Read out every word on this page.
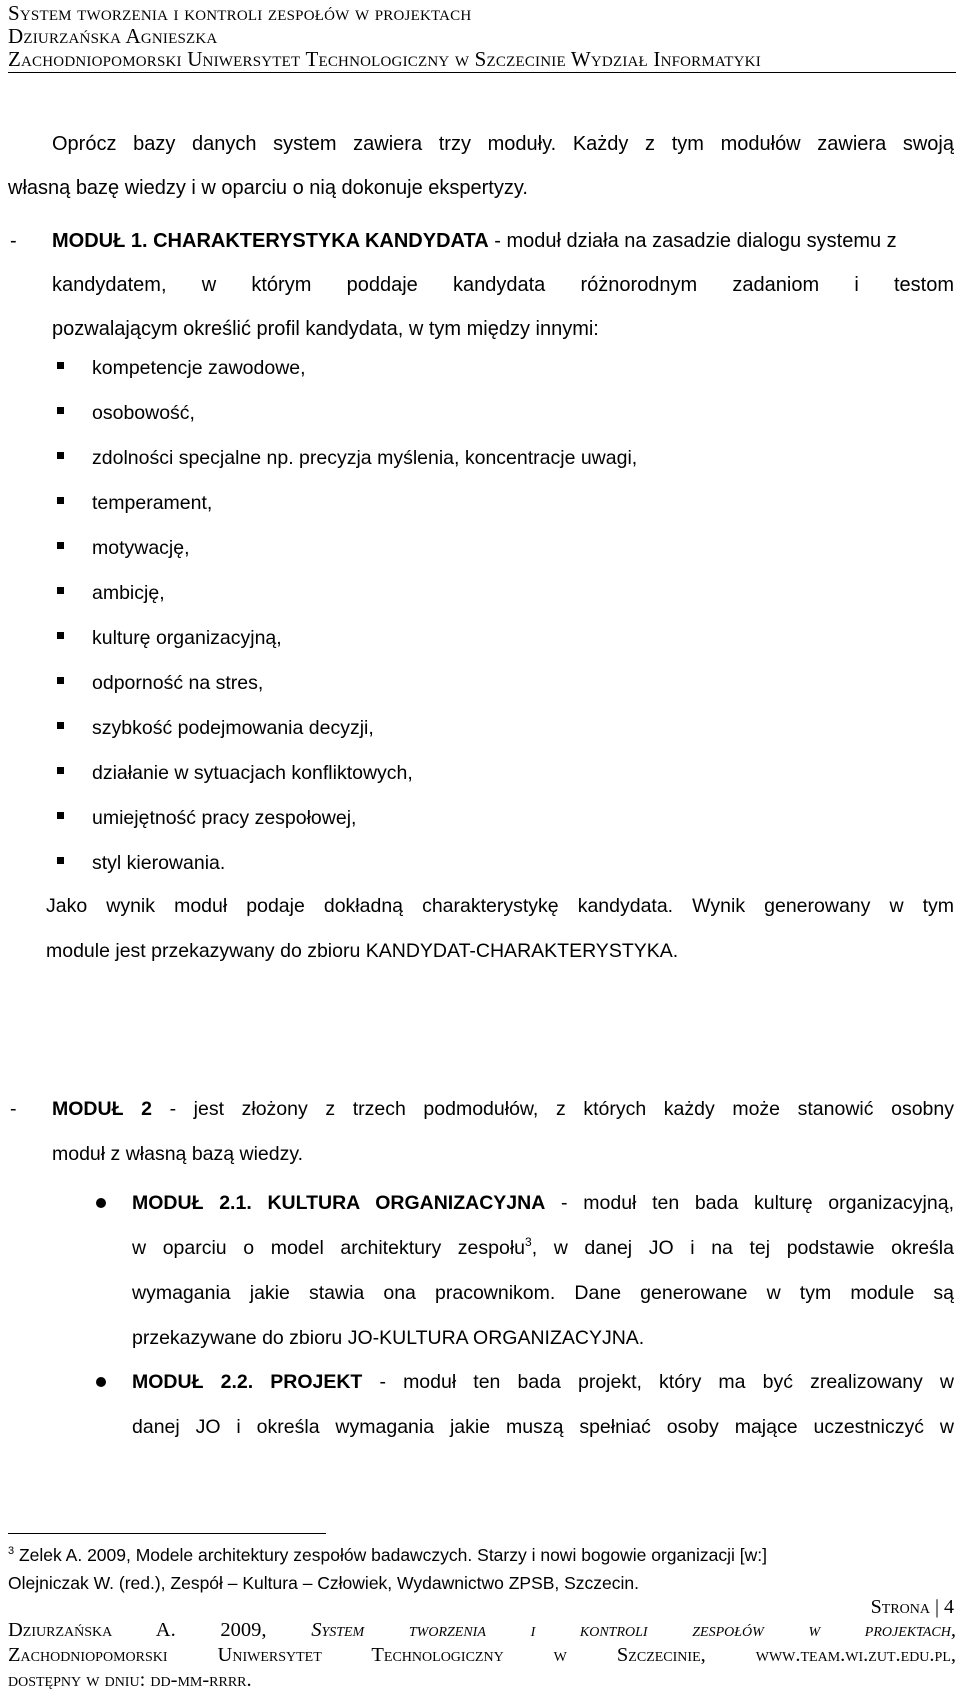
System tworzenia i kontroli zespołów w projektach
Dziurzańska Agnieszka
Zachodniopomorski Uniwersytet Technologiczny w Szczecinie Wydział Informatyki
Oprócz bazy danych system zawiera trzy moduły. Każdy z tym modułów zawiera swoją
własną bazę wiedzy i w oparciu o nią dokonuje ekspertyzy.
- MODUŁ 1. CHARAKTERYSTYKA KANDYDATA - moduł działa na zasadzie dialogu systemu z
kandydatem, w którym poddaje kandydata różnorodnym zadaniom i testom
pozwalającym określić profil kandydata, w tym między innymi:
kompetencje zawodowe,
osobowość,
zdolności specjalne np. precyzja myślenia, koncentracje uwagi,
temperament,
motywację,
ambicję,
kulturę organizacyjną,
odporność na stres,
szybkość podejmowania decyzji,
działanie w sytuacjach konfliktowych,
umiejętność pracy zespołowej,
styl kierowania.
Jako wynik moduł podaje dokładną charakterystykę kandydata. Wynik generowany w tym
module jest przekazywany do zbioru KANDYDAT-CHARAKTERYSTYKA.
- MODUŁ 2 - jest złożony z trzech podmodułów, z których każdy może stanowić osobny
moduł z własną bazą wiedzy.
MODUŁ 2.1. KULTURA ORGANIZACYJNA - moduł ten bada kulturę organizacyjną,
w oparciu o model architektury zespołu$^3$, w danej JO i na tej podstawie określa
wymagania jakie stawia ona pracownikom. Dane generowane w tym module są
przekazywane do zbioru JO-KULTURA ORGANIZACYJNA.
MODUŁ 2.2. PROJEKT - moduł ten bada projekt, który ma być zrealizowany w
danej JO i określa wymagania jakie muszą spełniać osoby mające uczestniczyć w
$^3$ Zelek A. 2009, Modele architektury zespołów badawczych. Starzy i nowi bogowie organizacji [w:]
Olejniczak W. (red.), Zespół – Kultura – Człowiek, Wydawnictwo ZPSB, Szczecin.
Strona | 4
Dziurzańska A. 2009, System tworzenia i kontroli zespołów w projektach,
Zachodniopomorski Uniwersytet Technologiczny w Szczecinie, www.team.wi.zut.edu.pl,
dostępny w dniu: dd-mm-rrrr.
